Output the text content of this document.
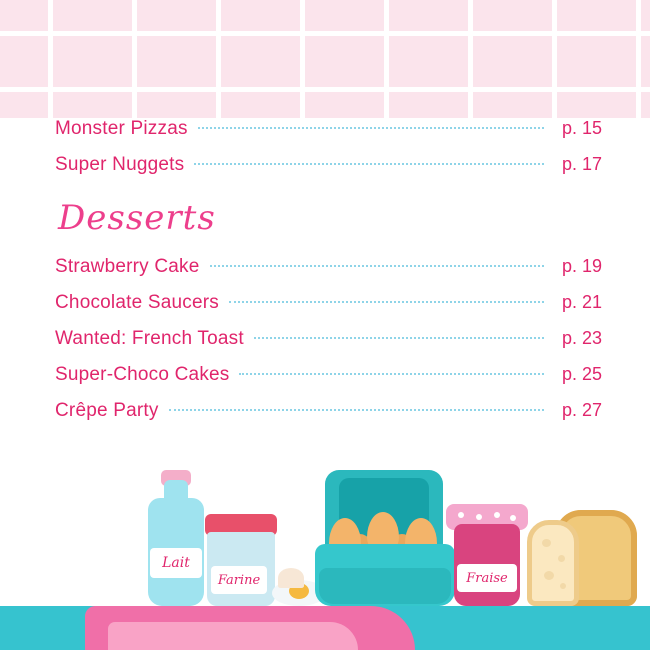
Monster Pizzas	p. 15
Super Nuggets	p. 17
Desserts
Strawberry Cake	p. 19
Chocolate Saucers	p. 21
Wanted: French Toast	p. 23
Super-Choco Cakes	p. 25
Crêpe Party	p. 27
Lait
Farine	Fraise
